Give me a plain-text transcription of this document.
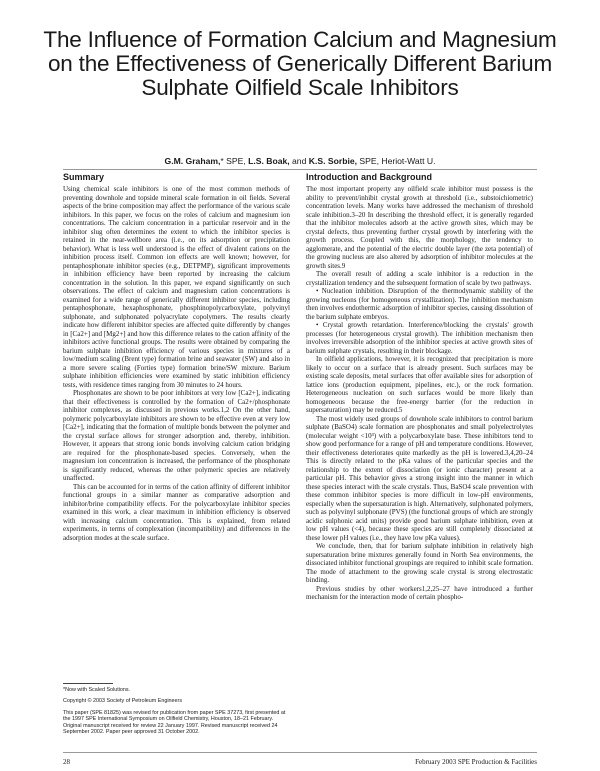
The Influence of Formation Calcium and Magnesium on the Effectiveness of Generically Different Barium Sulphate Oilfield Scale Inhibitors
G.M. Graham,* SPE, L.S. Boak, and K.S. Sorbie, SPE, Heriot-Watt U.
Summary

Using chemical scale inhibitors is one of the most common methods of preventing downhole and topside mineral scale formation in oil fields. Several aspects of the brine composition may affect the performance of the various scale inhibitors. In this paper, we focus on the roles of calcium and magnesium ion concentrations. The calcium concentration in a particular reservoir and in the inhibitor slug often determines the extent to which the inhibitor species is retained in the near-wellbore area (i.e., on its adsorption or precipitation behavior). What is less well understood is the effect of divalent cations on the inhibition process itself. Common ion effects are well known; however, for pentaphosphonate inhibitor species (e.g., DETPMP), significant improvements in inhibition efficiency have been reported by increasing the calcium concentration in the solution. In this paper, we expand significantly on such observations. The effect of calcium and magnesium cation concentrations is examined for a wide range of generically different inhibitor species, including pentaphosphonate, hexaphosphonate, phosphinopolycarboxylate, polyvinyl sulphonate, and sulphonated polyacrylate copolymers. The results clearly indicate how different inhibitor species are affected quite differently by changes in [Ca2+] and [Mg2+] and how this difference relates to the cation affinity of the inhibitors active functional groups. The results were obtained by comparing the barium sulphate inhibition efficiency of various species in mixtures of a low/medium scaling (Brent type) formation brine and seawater (SW) and also in a more severe scaling (Forties type) formation brine/SW mixture. Barium sulphate inhibition efficiencies were examined by static inhibition efficiency tests, with residence times ranging from 30 minutes to 24 hours.

Phosphonates are shown to be poor inhibitors at very low [Ca2+], indicating that their effectiveness is controlled by the formation of Ca2+/phosphonate inhibitor complexes, as discussed in previous works.1,2 On the other hand, polymeric polycarboxylate inhibitors are shown to be effective even at very low [Ca2+], indicating that the formation of multiple bonds between the polymer and the crystal surface allows for stronger adsorption and, thereby, inhibition. However, it appears that strong ionic bonds involving calcium cation bridging are required for the phosphonate-based species. Conversely, when the magnesium ion concentration is increased, the performance of the phosphonate is significantly reduced, whereas the other polymeric species are relatively unaffected.

This can be accounted for in terms of the cation affinity of different inhibitor functional groups in a similar manner as comparative adsorption and inhibitor/brine compatibility effects. For the polycarboxylate inhibitor species examined in this work, a clear maximum in inhibition efficiency is observed with increasing calcium concentration. This is explained, from related experiments, in terms of complexation (incompatibility) and differences in the adsorption modes at the scale surface.

Introduction and Background

The most important property any oilfield scale inhibitor must possess is the ability to prevent/inhibit crystal growth at threshold (i.e., substoichiometric) concentration levels. Many works have addressed the mechanism of threshold scale inhibition.3–20 In describing the threshold effect, it is generally regarded that the inhibitor molecules adsorb at the active growth sites, which may be crystal defects, thus preventing further crystal growth by interfering with the growth process. Coupled with this, the morphology, the tendency to agglomerate, and the potential of the electric double layer (the zeta potential) of the growing nucleus are also altered by adsorption of inhibitor molecules at the growth sites.9

The overall result of adding a scale inhibitor is a reduction in the crystallization tendency and the subsequent formation of scale by two pathways.

• Nucleation inhibition. Disruption of the thermodynamic stability of the growing nucleons (for homogeneous crystallization). The inhibition mechanism then involves endothermic adsorption of inhibitor species, causing dissolution of the barium sulphate embryos.

• Crystal growth retardation. Interference/blocking the crystals' growth processes (for heterogeneous crystal growth). The inhibition mechanism then involves irreversible adsorption of the inhibitor species at active growth sites of barium sulphate crystals, resulting in their blockage.

In oilfield applications, however, it is recognized that precipitation is more likely to occur on a surface that is already present. Such surfaces may be existing scale deposits, metal surfaces that offer available sites for adsorption of lattice ions (production equipment, pipelines, etc.), or the rock formation. Heterogeneous nucleation on such surfaces would be more likely than homogeneous because the free-energy barrier (for the reduction in supersaturation) may be reduced.5

The most widely used groups of downhole scale inhibitors to control barium sulphate (BaSO4) scale formation are phosphonates and small polyelectrolytes (molecular weight <10³) with a polycarboxylate base. These inhibitors tend to show good performance for a range of pH and temperature conditions. However, their effectiveness deteriorates quite markedly as the pH is lowered.3,4,20–24 This is directly related to the pKa values of the particular species and the relationship to the extent of dissociation (or ionic character) present at a particular pH. This behavior gives a strong insight into the manner in which these species interact with the scale crystals. Thus, BaSO4 scale prevention with these common inhibitor species is more difficult in low-pH environments, especially when the supersaturation is high. Alternatively, sulphonated polymers, such as polyvinyl sulphonate (PVS) (the functional groups of which are strongly acidic sulphonic acid units) provide good barium sulphate inhibition, even at low pH values (<4), because these species are still completely dissociated at these lower pH values (i.e., they have low pKa values).

We conclude, then, that for barium sulphate inhibition in relatively high supersaturation brine mixtures generally found in North Sea environments, the dissociated inhibitor functional groupings are required to inhibit scale formation. The mode of attachment to the growing scale crystal is strong electrostatic binding.

Previous studies by other workers1,2,25–27 have introduced a further mechanism for the interaction mode of certain phospho-

*Now with Scaled Solutions.

Copyright © 2003 Society of Petroleum Engineers

This paper (SPE 81825) was revised for publication from paper SPE 37273, first presented at the 1997 SPE International Symposium on Oilfield Chemistry, Houston, 18–21 February. Original manuscript received for review 22 January 1997. Revised manuscript received 24 September 2002. Paper peer approved 31 October 2002.

28	February 2003 SPE Production & Facilities
